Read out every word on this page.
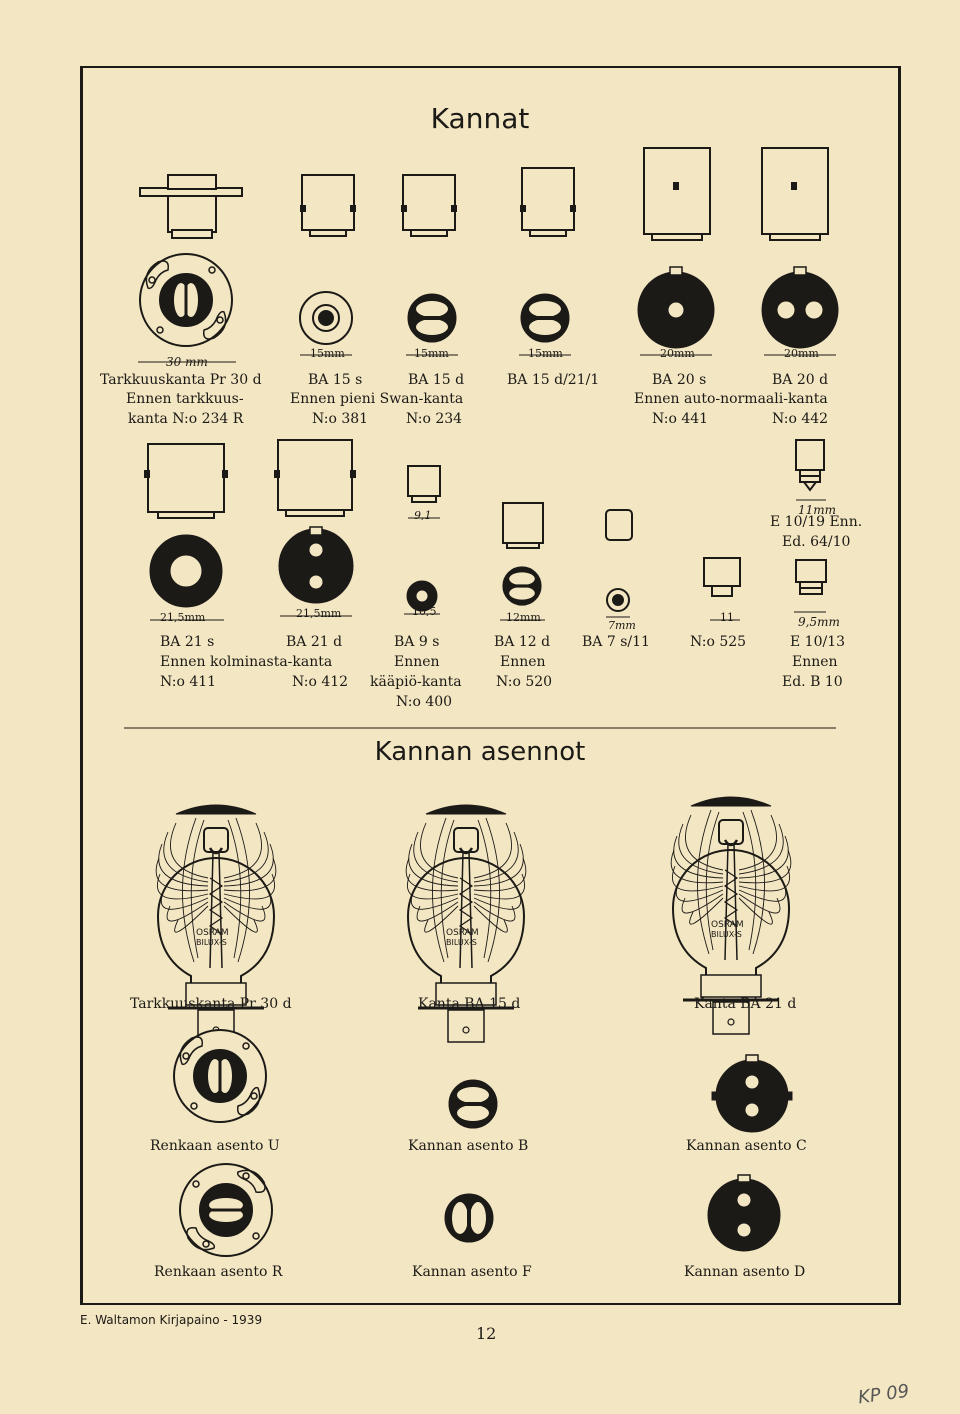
Kannat
30 mm
15mm	15mm	15mm	20mm	20mm
Tarkkuuskanta Pr 30 d
Ennen tarkkuus-
kanta N:o 234 R
BA 15 s
Ennen pieni Swan-kanta
N:o 381
BA 15 d
N:o 234
BA 15 d/21/1	BA 20 s
Ennen auto-normaali-kanta
N:o 441
BA 20 d
N:o 442
11mm
E 10/19 Enn.
Ed. 64/10
9,1
21,5mm	21,5mm	10,5	12mm
7mm
11	9,5mm
BA 21 s
Ennen kolminasta-kanta
N:o 411
BA 21 d
N:o 412
BA 9 s
Ennen
kääpiö-kanta
N:o 400
BA 12 d
Ennen
N:o 520
BA 7 s/11	N:o 525	E 10/13
Ennen
Ed. B 10
Kannan asennot
OSRAM
BILUX-S
OSRAM
BILUX-S
OSRAM
BILUX-S
Tarkkuuskanta Pr 30 d	Kanta BA 15 d	Kanta BA 21 d
Renkaan asento U	Kannan asento B	Kannan asento C
Renkaan asento R	Kannan asento F	Kannan asento D
E. Waltamon Kirjapaino - 1939
12
KP 09
